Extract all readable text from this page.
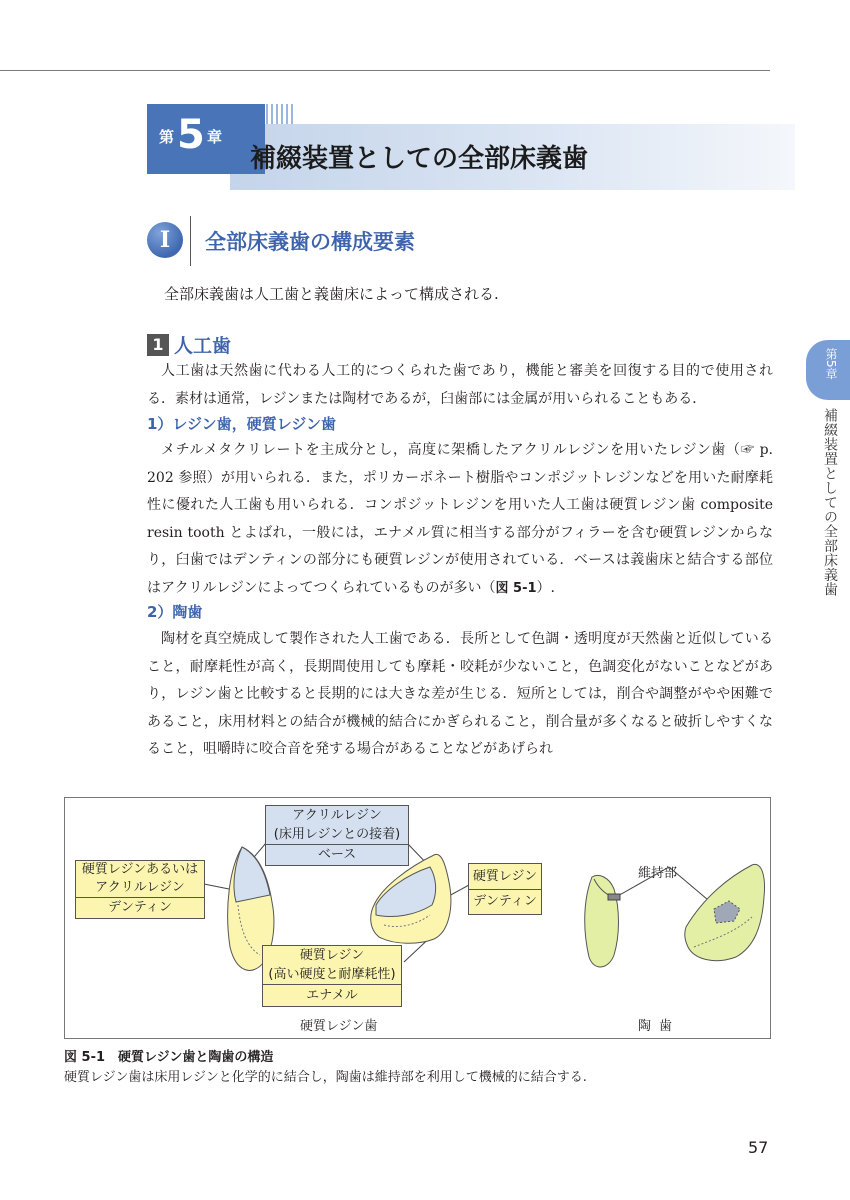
第 5 章
補綴装置としての全部床義歯
I	全部床義歯の構成要素
全部床義歯は人工歯と義歯床によって構成される.
1 人工歯
人工歯は天然歯に代わる人工的につくられた歯であり，機能と審美を回復する目的で使用される．素材は通常，レジンまたは陶材であるが，臼歯部には金属が用いられることもある．
1）レジン歯，硬質レジン歯
メチルメタクリレートを主成分とし，高度に架橋したアクリルレジンを用いたレジン歯（☞ p. 202 参照）が用いられる．また，ポリカーボネート樹脂やコンポジットレジンなどを用いた耐摩耗性に優れた人工歯も用いられる．コンポジットレジンを用いた人工歯は硬質レジン歯 composite resin tooth とよばれ，一般には，エナメル質に相当する部分がフィラーを含む硬質レジンからなり，臼歯ではデンティンの部分にも硬質レジンが使用されている．ベースは義歯床と結合する部位はアクリルレジンによってつくられているものが多い（図 5-1）.
2）陶歯
陶材を真空焼成して製作された人工歯である．長所として色調・透明度が天然歯と近似していること，耐摩耗性が高く，長期間使用しても摩耗・咬耗が少ないこと，色調変化がないことなどがあり，レジン歯と比較すると長期的には大きな差が生じる．短所としては，削合や調整がやや困難であること，床用材料との結合が機械的結合にかぎられること，削合量が多くなると破折しやすくなること，咀嚼時に咬合音を発する場合があることなどがあげられ
第5章
補綴装置としての全部床義歯
アクリルレジン
(床用レジンとの接着)
ベース
硬質レジンあるいは
アクリルレジン
デンティン
硬質レジン
デンティン
硬質レジン
(高い硬度と耐摩耗性)
エナメル
維持部
硬質レジン歯	陶歯
図 5-1　硬質レジン歯と陶歯の構造
硬質レジン歯は床用レジンと化学的に結合し，陶歯は維持部を利用して機械的に結合する.
57
